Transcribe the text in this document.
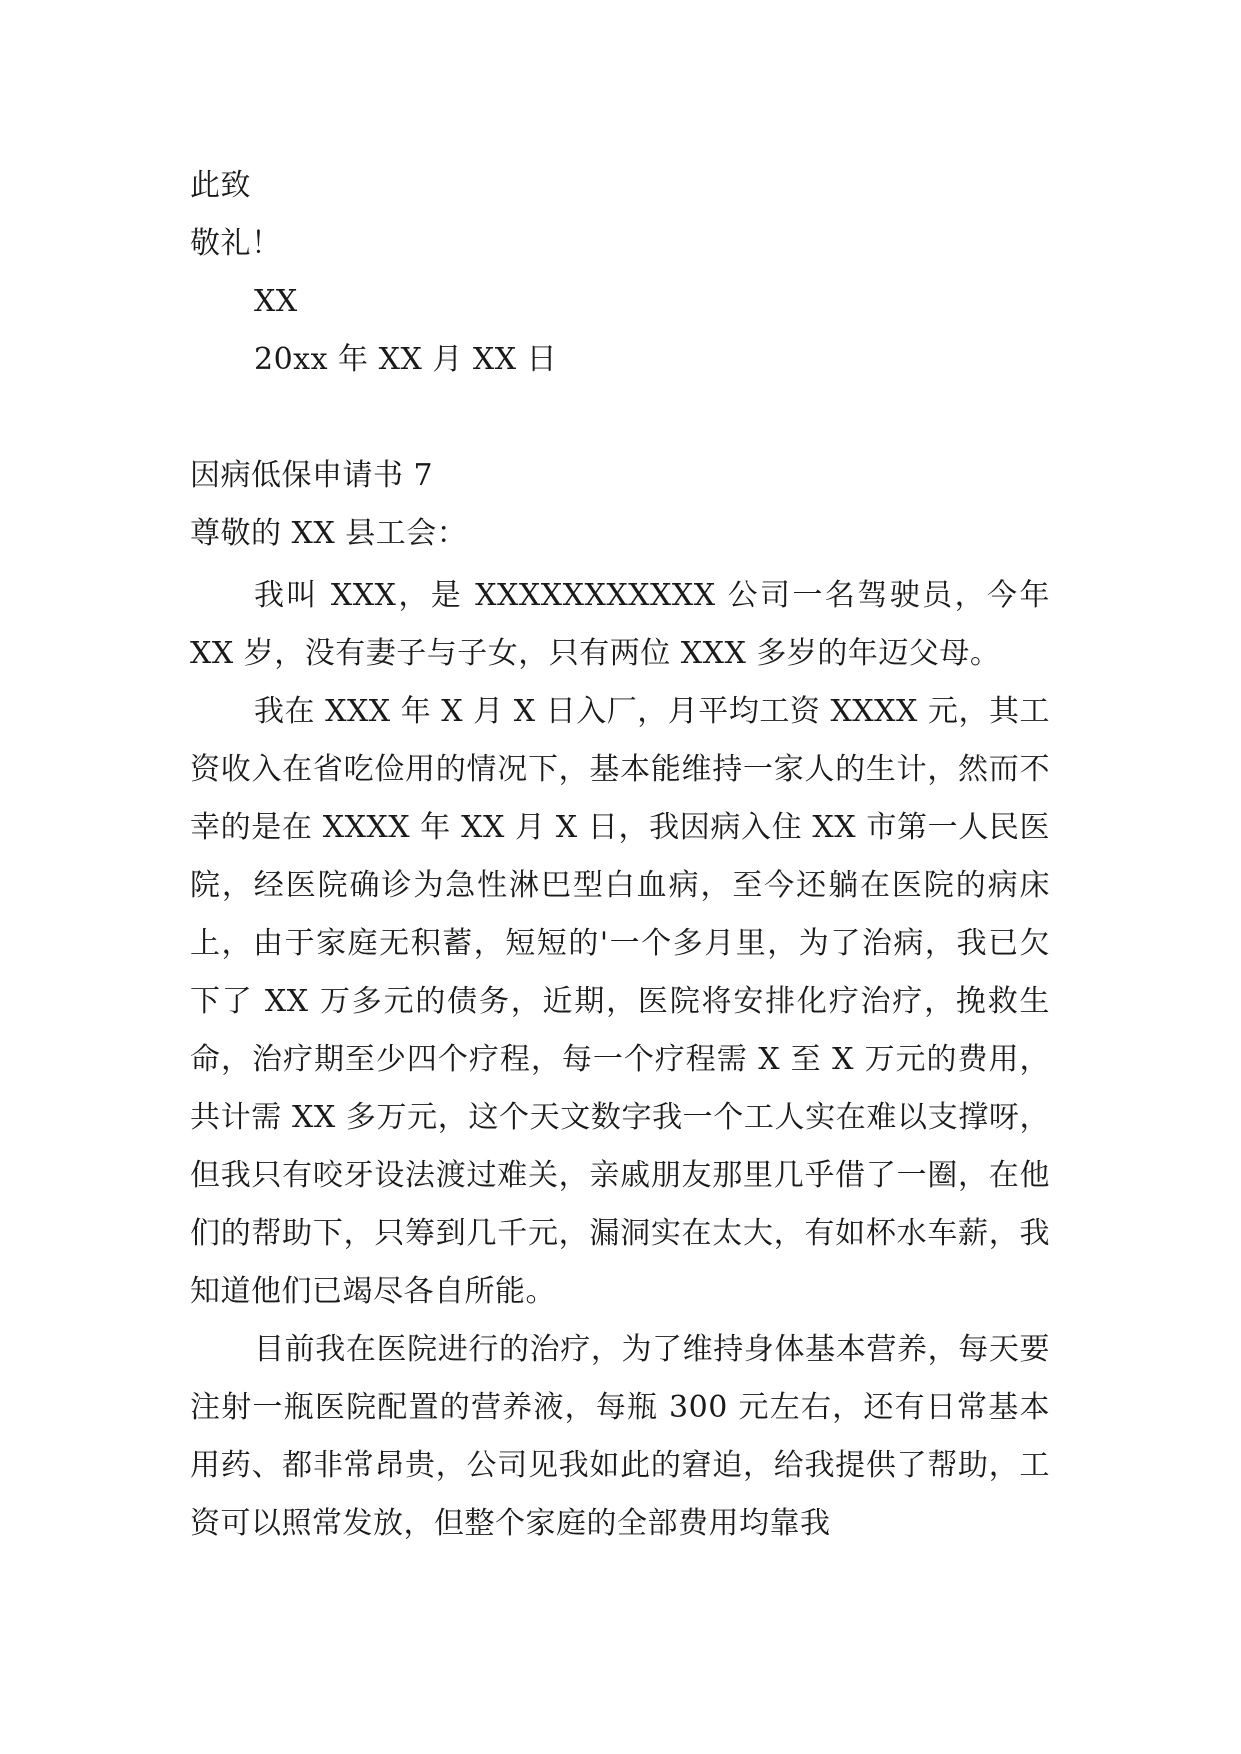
此致
敬礼！
XX
20xx 年 XX 月 XX 日
因病低保申请书 7
尊敬的 XX 县工会：
我叫 XXX，是 XXXXXXXXXXX 公司一名驾驶员，今年 XX 岁，没有妻子与子女，只有两位 XXX 多岁的年迈父母。
我在 XXX 年 X 月 X 日入厂，月平均工资 XXXX 元，其工资收入在省吃俭用的情况下，基本能维持一家人的生计，然而不幸的是在 XXXX 年 XX 月 X 日，我因病入住 XX 市第一人民医院，经医院确诊为急性淋巴型白血病，至今还躺在医院的病床上，由于家庭无积蓄，短短的'一个多月里，为了治病，我已欠下了 XX 万多元的债务，近期，医院将安排化疗治疗，挽救生命，治疗期至少四个疗程，每一个疗程需 X 至 X 万元的费用，共计需 XX 多万元，这个天文数字我一个工人实在难以支撑呀，但我只有咬牙设法渡过难关，亲戚朋友那里几乎借了一圈，在他们的帮助下，只筹到几千元，漏洞实在太大，有如杯水车薪，我知道他们已竭尽各自所能。
目前我在医院进行的治疗，为了维持身体基本营养，每天要注射一瓶医院配置的营养液，每瓶 300 元左右，还有日常基本用药、都非常昂贵，公司见我如此的窘迫，给我提供了帮助，工资可以照常发放，但整个家庭的全部费用均靠我
